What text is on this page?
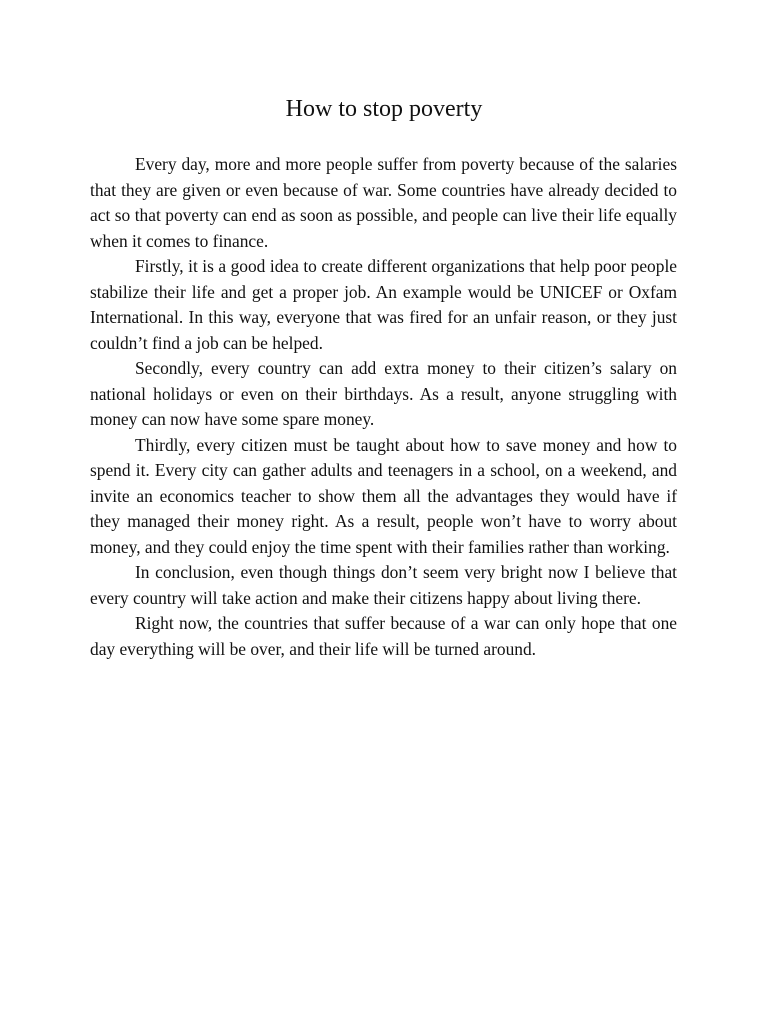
How to stop poverty

Every day, more and more people suffer from poverty because of the salaries that they are given or even because of war. Some countries have already decided to act so that poverty can end as soon as possible, and people can live their life equally when it comes to finance.

Firstly, it is a good idea to create different organizations that help poor people stabilize their life and get a proper job. An example would be UNICEF or Oxfam International. In this way, everyone that was fired for an unfair reason, or they just couldn’t find a job can be helped.

Secondly, every country can add extra money to their citizen’s salary on national holidays or even on their birthdays. As a result, anyone struggling with money can now have some spare money.

Thirdly, every citizen must be taught about how to save money and how to spend it. Every city can gather adults and teenagers in a school, on a weekend, and invite an economics teacher to show them all the advantages they would have if they managed their money right. As a result, people won’t have to worry about money, and they could enjoy the time spent with their families rather than working.

In conclusion, even though things don’t seem very bright now I believe that every country will take action and make their citizens happy about living there.

Right now, the countries that suffer because of a war can only hope that one day everything will be over, and their life will be turned around.
